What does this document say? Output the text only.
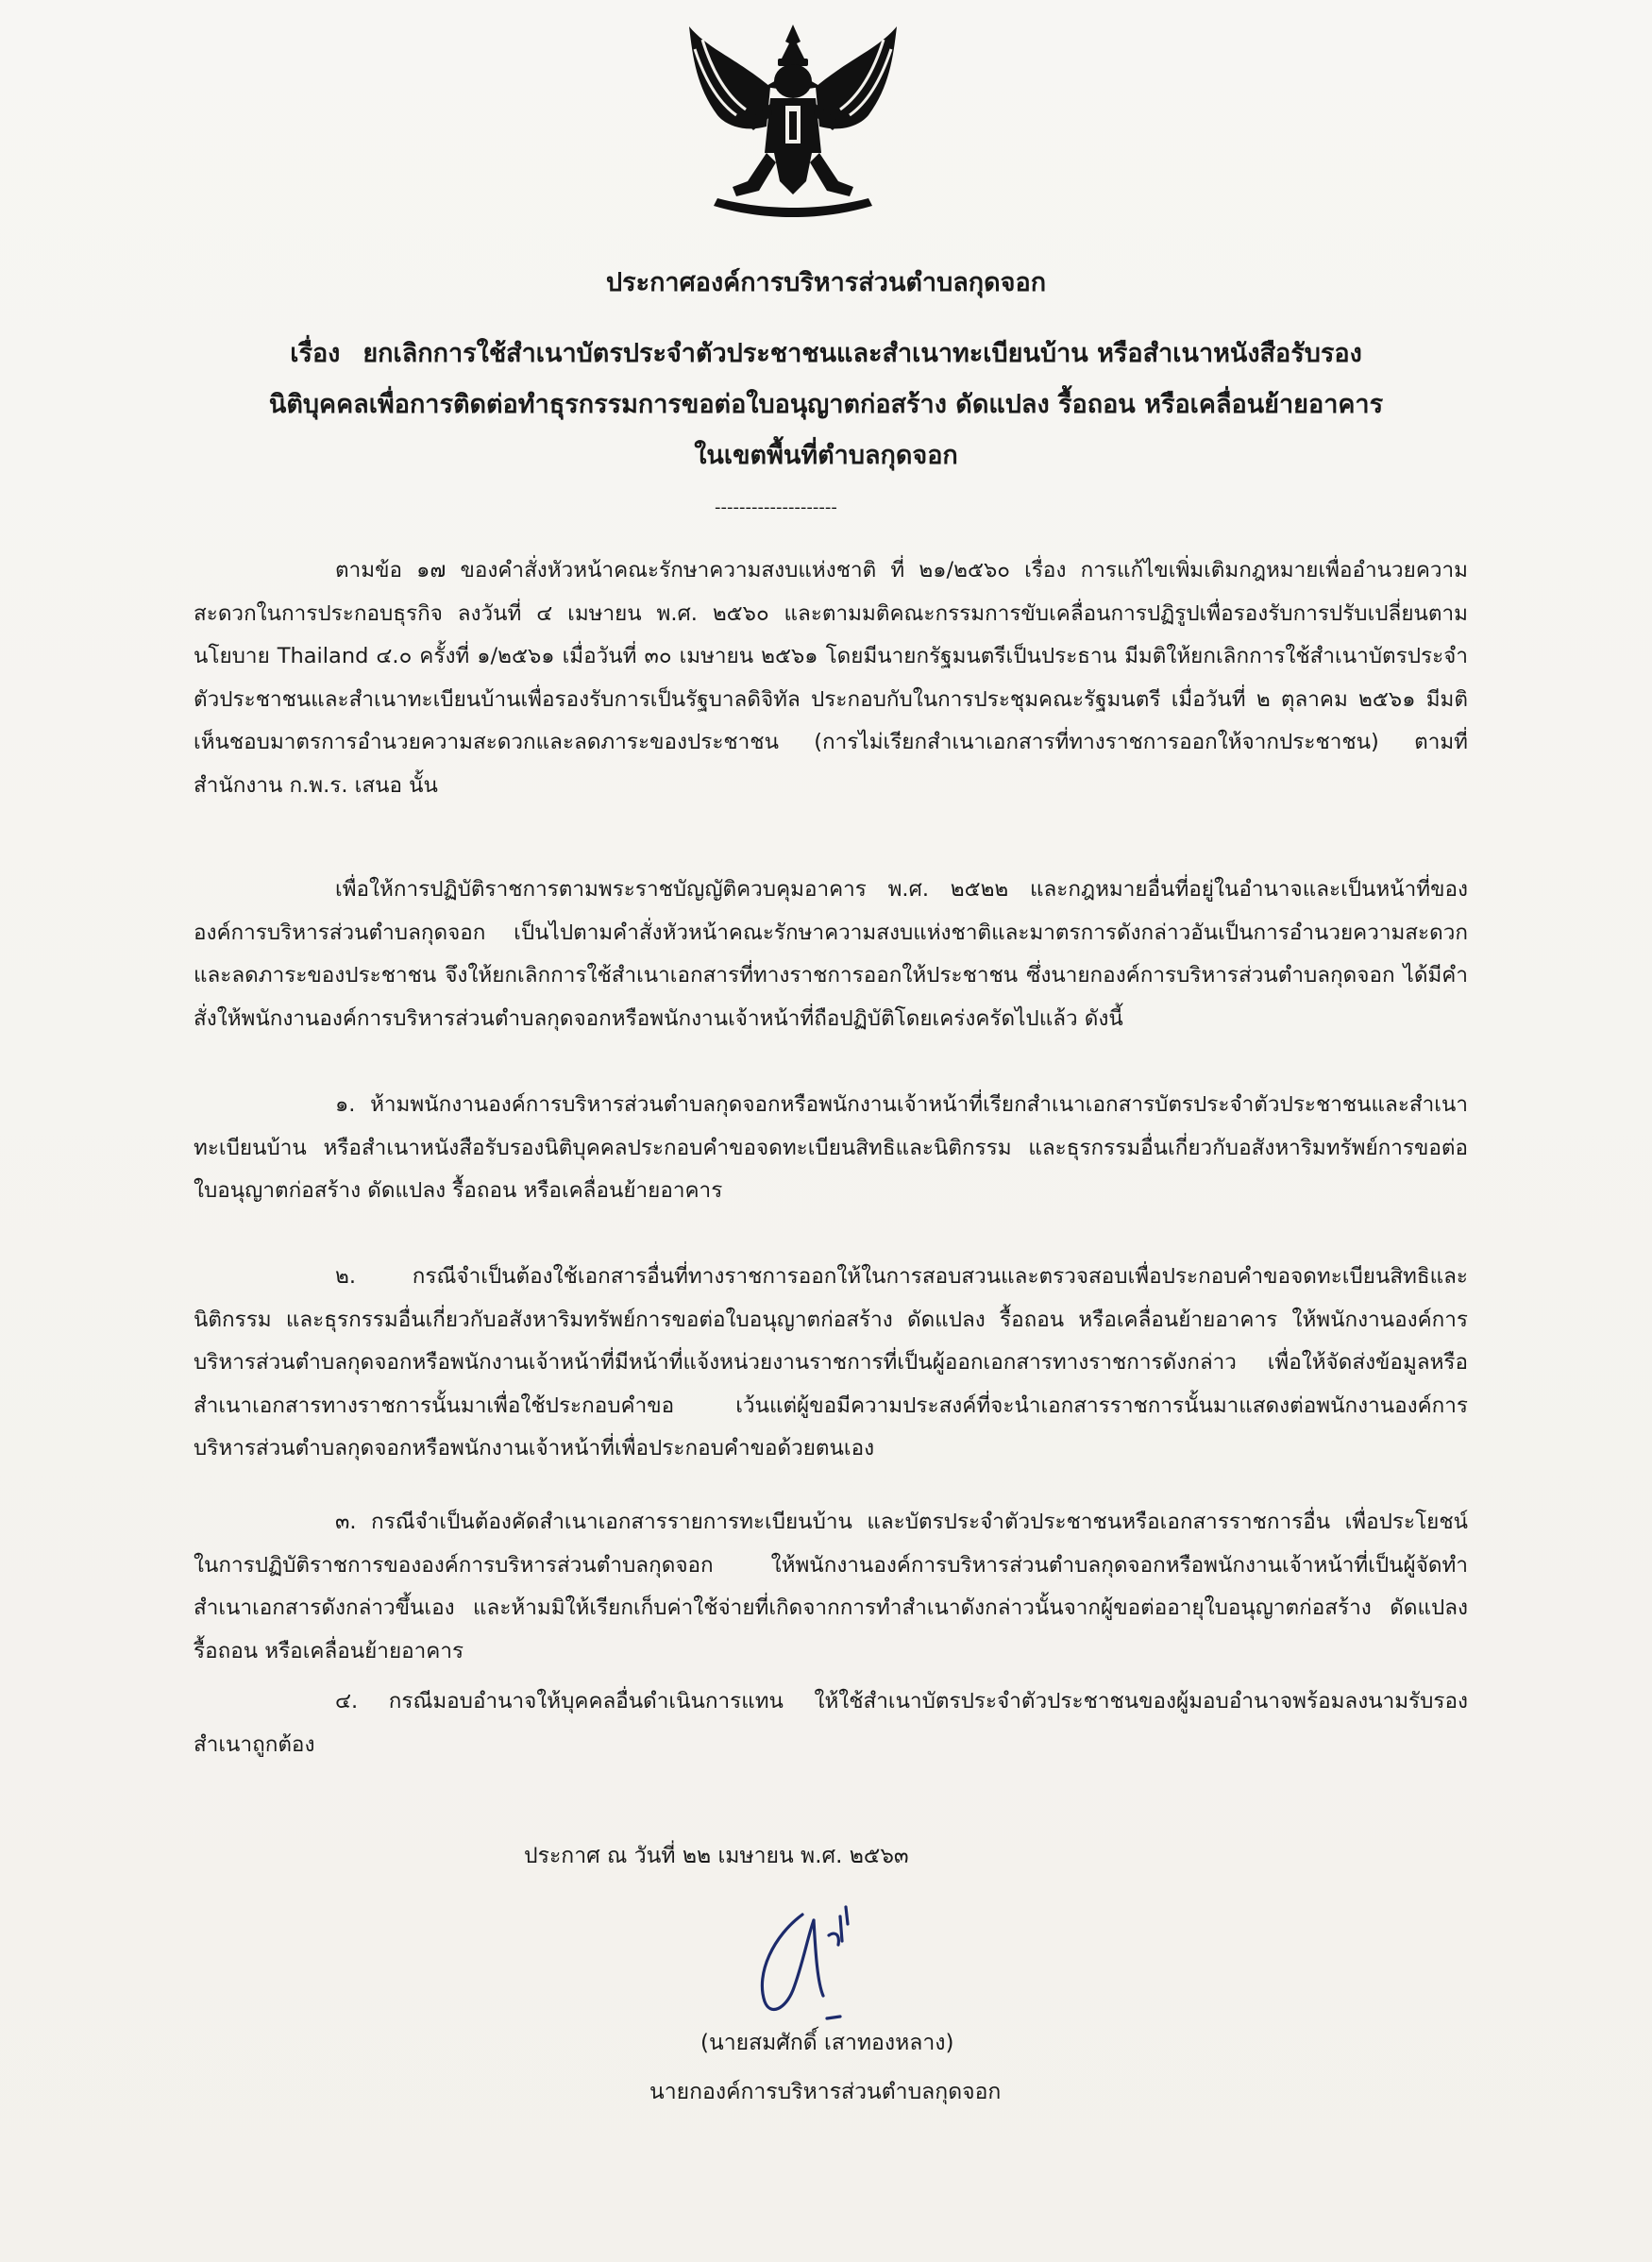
ประกาศองค์การบริหารส่วนตำบลกุดจอก
เรื่อง ยกเลิกการใช้สำเนาบัตรประจำตัวประชาชนและสำเนาทะเบียนบ้าน หรือสำเนาหนังสือรับรอง
นิติบุคคลเพื่อการติดต่อทำธุรกรรมการขอต่อใบอนุญาตก่อสร้าง ดัดแปลง รื้อถอน หรือเคลื่อนย้ายอาคาร
ในเขตพื้นที่ตำบลกุดจอก
--------------------
ตามข้อ ๑๗ ของคำสั่งหัวหน้าคณะรักษาความสงบแห่งชาติ ที่ ๒๑/๒๕๖๐ เรื่อง การแก้ไขเพิ่มเติมกฎหมายเพื่ออำนวยความสะดวกในการประกอบธุรกิจ ลงวันที่ ๔ เมษายน พ.ศ. ๒๕๖๐ และตามมติคณะกรรมการขับเคลื่อนการปฏิรูปเพื่อรองรับการปรับเปลี่ยนตามนโยบาย Thailand ๔.๐ ครั้งที่ ๑/๒๕๖๑ เมื่อวันที่ ๓๐ เมษายน ๒๕๖๑ โดยมีนายกรัฐมนตรีเป็นประธาน มีมติให้ยกเลิกการใช้สำเนาบัตรประจำตัวประชาชนและสำเนาทะเบียนบ้านเพื่อรองรับการเป็นรัฐบาลดิจิทัล ประกอบกับในการประชุมคณะรัฐมนตรี เมื่อวันที่ ๒ ตุลาคม ๒๕๖๑ มีมติเห็นชอบมาตรการอำนวยความสะดวกและลดภาระของประชาชน (การไม่เรียกสำเนาเอกสารที่ทางราชการออกให้จากประชาชน) ตามที่สำนักงาน ก.พ.ร. เสนอ นั้น
เพื่อให้การปฏิบัติราชการตามพระราชบัญญัติควบคุมอาคาร พ.ศ. ๒๕๒๒ และกฎหมายอื่นที่อยู่ในอำนาจและเป็นหน้าที่ขององค์การบริหารส่วนตำบลกุดจอก เป็นไปตามคำสั่งหัวหน้าคณะรักษาความสงบแห่งชาติและมาตรการดังกล่าวอันเป็นการอำนวยความสะดวกและลดภาระของประชาชน จึงให้ยกเลิกการใช้สำเนาเอกสารที่ทางราชการออกให้ประชาชน ซึ่งนายกองค์การบริหารส่วนตำบลกุดจอก ได้มีคำสั่งให้พนักงานองค์การบริหารส่วนตำบลกุดจอกหรือพนักงานเจ้าหน้าที่ถือปฏิบัติโดยเคร่งครัดไปแล้ว ดังนี้
๑. ห้ามพนักงานองค์การบริหารส่วนตำบลกุดจอกหรือพนักงานเจ้าหน้าที่เรียกสำเนาเอกสารบัตรประจำตัวประชาชนและสำเนาทะเบียนบ้าน หรือสำเนาหนังสือรับรองนิติบุคคลประกอบคำขอจดทะเบียนสิทธิและนิติกรรม และธุรกรรมอื่นเกี่ยวกับอสังหาริมทรัพย์การขอต่อใบอนุญาตก่อสร้าง ดัดแปลง รื้อถอน หรือเคลื่อนย้ายอาคาร
๒. กรณีจำเป็นต้องใช้เอกสารอื่นที่ทางราชการออกให้ในการสอบสวนและตรวจสอบเพื่อประกอบคำขอจดทะเบียนสิทธิและนิติกรรม และธุรกรรมอื่นเกี่ยวกับอสังหาริมทรัพย์การขอต่อใบอนุญาตก่อสร้าง ดัดแปลง รื้อถอน หรือเคลื่อนย้ายอาคาร ให้พนักงานองค์การบริหารส่วนตำบลกุดจอกหรือพนักงานเจ้าหน้าที่มีหน้าที่แจ้งหน่วยงานราชการที่เป็นผู้ออกเอกสารทางราชการดังกล่าว เพื่อให้จัดส่งข้อมูลหรือสำเนาเอกสารทางราชการนั้นมาเพื่อใช้ประกอบคำขอ เว้นแต่ผู้ขอมีความประสงค์ที่จะนำเอกสารราชการนั้นมาแสดงต่อพนักงานองค์การบริหารส่วนตำบลกุดจอกหรือพนักงานเจ้าหน้าที่เพื่อประกอบคำขอด้วยตนเอง
๓. กรณีจำเป็นต้องคัดสำเนาเอกสารรายการทะเบียนบ้าน และบัตรประจำตัวประชาชนหรือเอกสารราชการอื่น เพื่อประโยชน์ในการปฏิบัติราชการขององค์การบริหารส่วนตำบลกุดจอก ให้พนักงานองค์การบริหารส่วนตำบลกุดจอกหรือพนักงานเจ้าหน้าที่เป็นผู้จัดทำสำเนาเอกสารดังกล่าวขึ้นเอง และห้ามมิให้เรียกเก็บค่าใช้จ่ายที่เกิดจากการทำสำเนาดังกล่าวนั้นจากผู้ขอต่ออายุใบอนุญาตก่อสร้าง ดัดแปลง รื้อถอน หรือเคลื่อนย้ายอาคาร
๔. กรณีมอบอำนาจให้บุคคลอื่นดำเนินการแทน ให้ใช้สำเนาบัตรประจำตัวประชาชนของผู้มอบอำนาจพร้อมลงนามรับรองสำเนาถูกต้อง
ประกาศ ณ วันที่ ๒๒ เมษายน พ.ศ. ๒๕๖๓
(นายสมศักดิ์ เสาทองหลาง)
นายกองค์การบริหารส่วนตำบลกุดจอก
